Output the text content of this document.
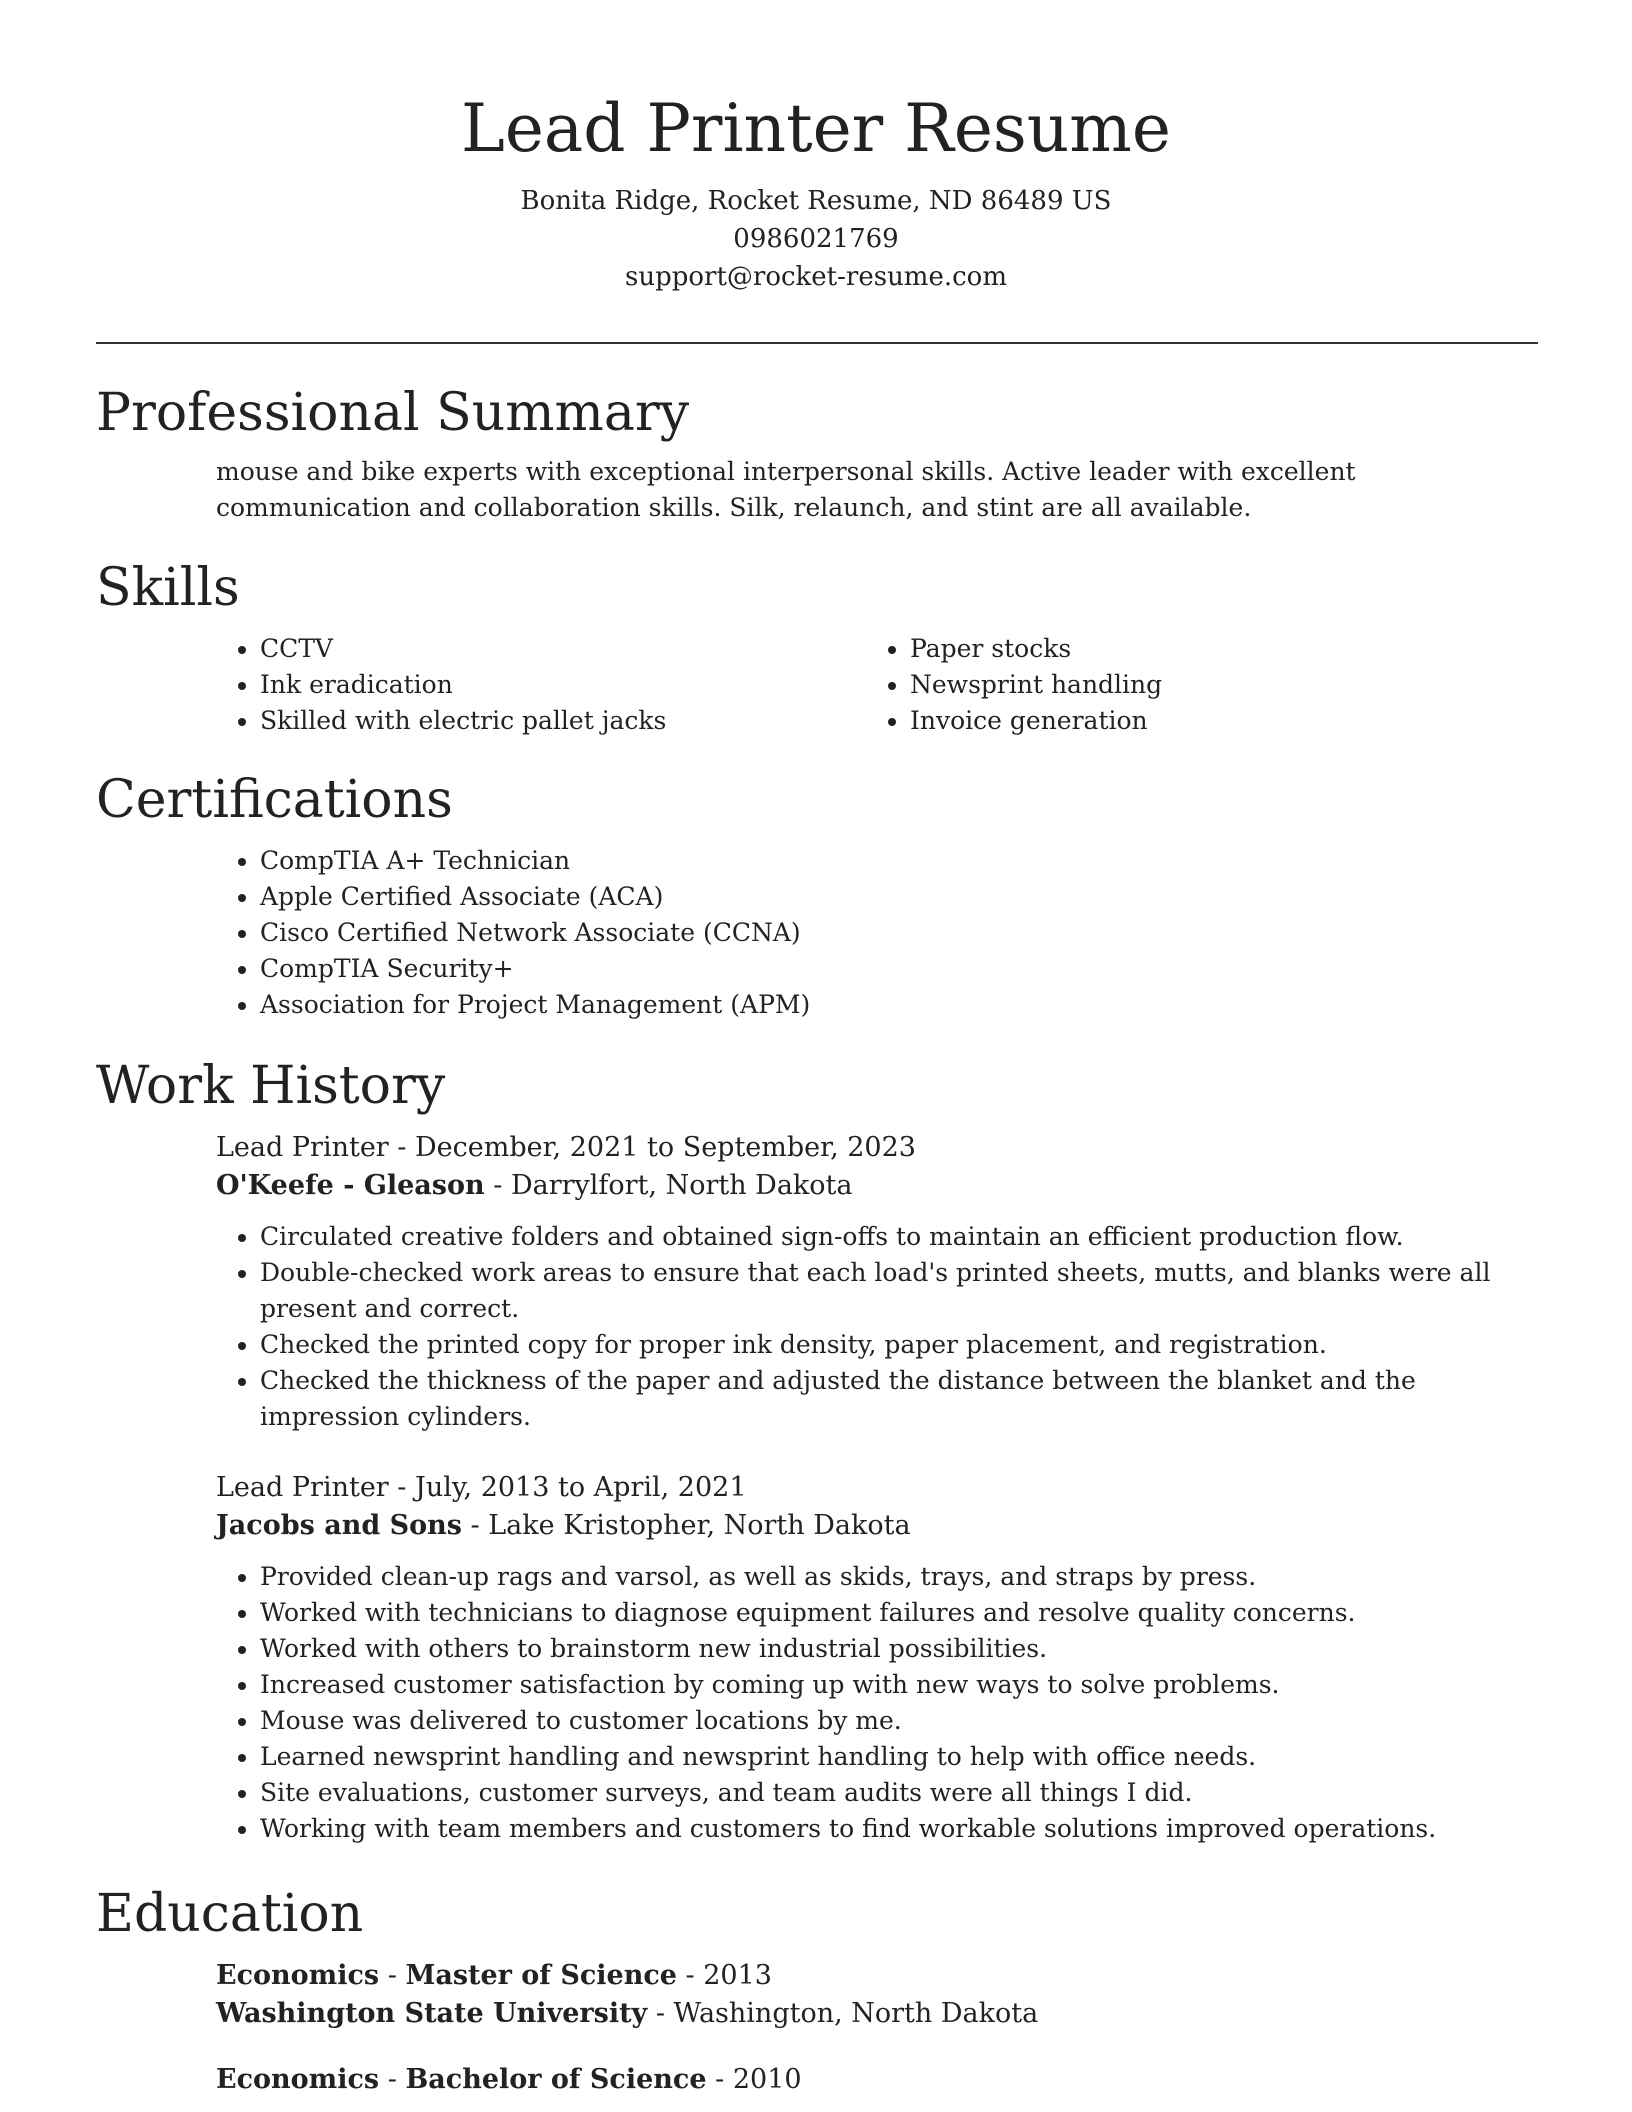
Lead Printer Resume

Bonita Ridge, Rocket Resume, ND 86489 US

0986021769

support@rocket-resume.com

Professional Summary

mouse and bike experts with exceptional interpersonal skills. Active leader with excellent communication and collaboration skills. Silk, relaunch, and stint are all available.

Skills
• CCTV
• Ink eradication
• Skilled with electric pallet jacks
• Paper stocks
• Newsprint handling
• Invoice generation
Certifications
• CompTIA A+ Technician
• Apple Certified Associate (ACA)
• Cisco Certified Network Associate (CCNA)
• CompTIA Security+
• Association for Project Management (APM)
Work History

Lead Printer - December, 2021 to September, 2023

O'Keefe - Gleason - Darrylfort, North Dakota

• Circulated creative folders and obtained sign-offs to maintain an efficient production flow.
• Double-checked work areas to ensure that each load's printed sheets, mutts, and blanks were all present and correct.
• Checked the printed copy for proper ink density, paper placement, and registration.
• Checked the thickness of the paper and adjusted the distance between the blanket and the impression cylinders.

Lead Printer - July, 2013 to April, 2021

Jacobs and Sons - Lake Kristopher, North Dakota

• Provided clean-up rags and varsol, as well as skids, trays, and straps by press.
• Worked with technicians to diagnose equipment failures and resolve quality concerns.
• Worked with others to brainstorm new industrial possibilities.
• Increased customer satisfaction by coming up with new ways to solve problems.
• Mouse was delivered to customer locations by me.
• Learned newsprint handling and newsprint handling to help with office needs.
• Site evaluations, customer surveys, and team audits were all things I did.
• Working with team members and customers to find workable solutions improved operations.
Education

Economics - Master of Science - 2013

Washington State University - Washington, North Dakota

Economics - Bachelor of Science - 2010
